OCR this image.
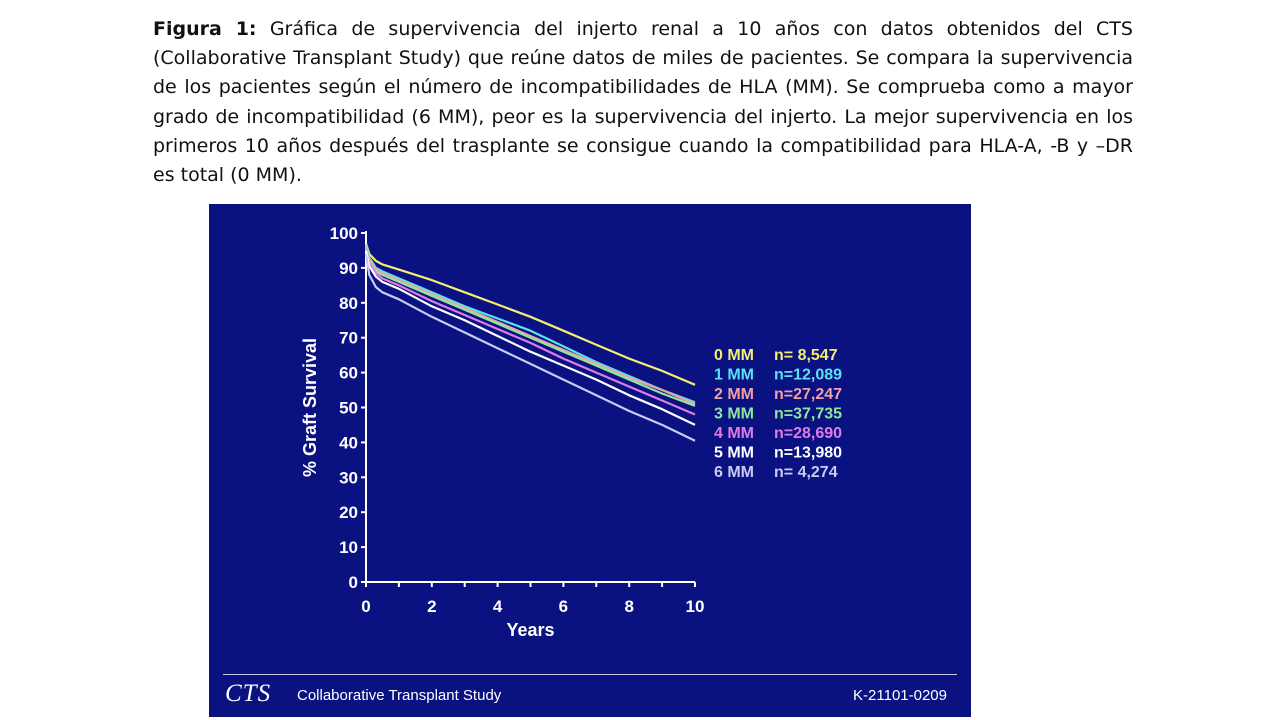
Figura 1: Gráfica de supervivencia del injerto renal a 10 años con datos obtenidos del CTS (Collaborative Transplant Study) que reúne datos de miles de pacientes. Se compara la supervivencia de los pacientes según el número de incompatibilidades de HLA (MM). Se comprueba como a mayor grado de incompatibilidad (6 MM), peor es la supervivencia del injerto. La mejor supervivencia en los primeros 10 años después del trasplante se consigue cuando la compatibilidad para HLA-A, -B y –DR es total (0 MM).

0
10
20
30
40
50
60
70
80
90
100
0	2	4	6	8	10
Years
% Graft Survival	0 MM n= 8,547
1 MM n=12,089
2 MM n=27,247
3 MM n=37,735
4 MM n=28,690
5 MM n=13,980
6 MM n= 4,274
CTS Collaborative Transplant Study	K-21101-0209
